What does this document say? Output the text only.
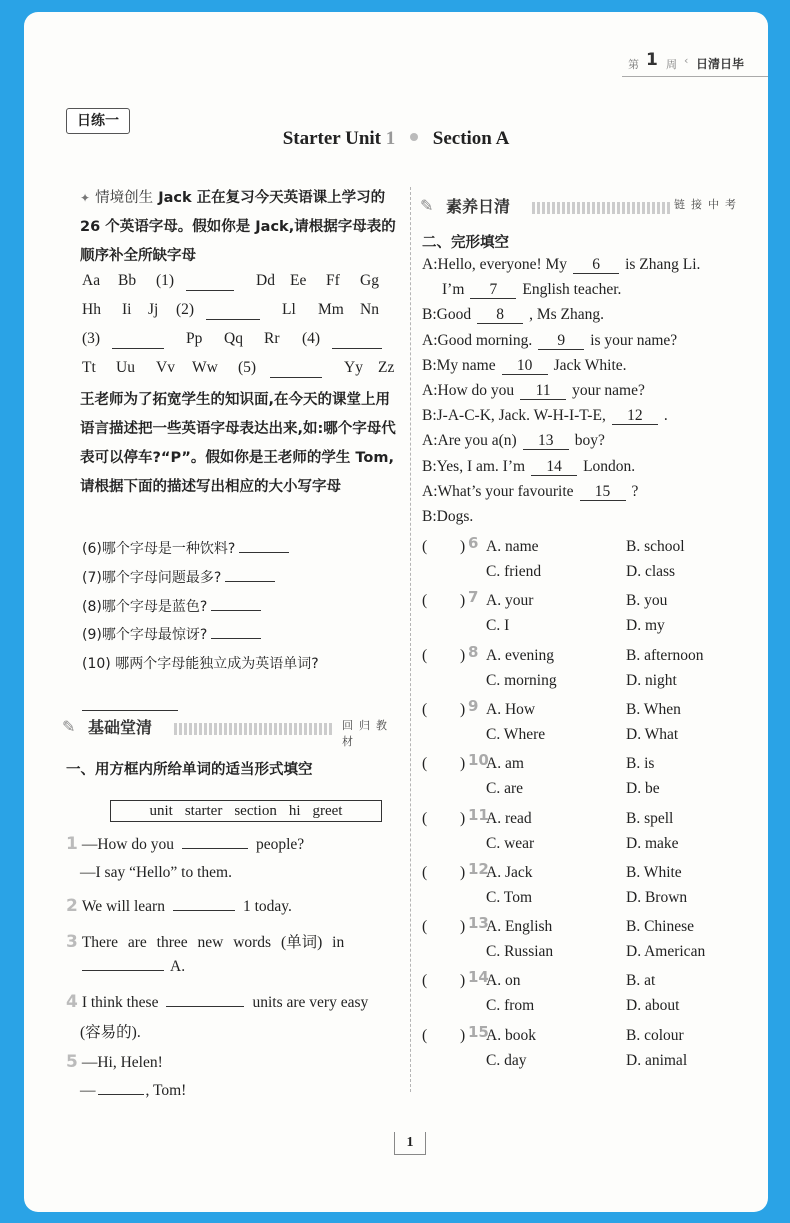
第 1 周 ‹ 日清日毕
日练一
Starter Unit 1 Section A
✦ 情境创生 Jack 正在复习今天英语课上学习的 26 个英语字母。假如你是 Jack,请根据字母表的顺序补全所缺字母
Aa Bb (1)	Dd Ee Ff Gg
Hh Ii Jj (2)	Ll Mm Nn
(3)	Pp Qq Rr (4)
Tt Uu Vv Ww (5)	Yy Zz
王老师为了拓宽学生的知识面,在今天的课堂上用语言描述把一些英语字母表达出来,如:哪个字母代表可以停车?“P”。假如你是王老师的学生 Tom,请根据下面的描述写出相应的大小写字母
(6)哪个字母是一种饮料?
(7)哪个字母问题最多?
(8)哪个字母是蓝色?
(9)哪个字母最惊讶?
(10) 哪两个字母能独立成为英语单词?
✎ 基础堂清	回归教材
一、用方框内所给单词的适当形式填空
unit starter section hi greet
1 —How do you	people?
—I say “Hello” to them.
2 We will learn	1 today.
3 There are three new words (单词) in
A.
4 I think these	units are very easy
(容易的).
5 —Hi, Helen!
—	, Tom!
✎ 素养日清	链接中考
二、完形填空
A:Hello, everyone! My 6 is Zhang Li.
I’m 7 English teacher.
B:Good 8 , Ms Zhang.
A:Good morning. 9 is your name?
B:My name 10 Jack White.
A:How do you 11 your name?
B:J-A-C-K, Jack. W-H-I-T-E, 12 .
A:Are you a(n) 13 boy?
B:Yes, I am. I’m 14 London.
A:What’s your favourite 15 ?
B:Dogs.
( ) 6 A. name	B. school
C. friend	D. class
( ) 7 A. your	B. you
C. I	D. my
( ) 8 A. evening	B. afternoon
C. morning	D. night
( ) 9 A. How	B. When
C. Where	D. What
( ) 10
A. am	B. is
C. are	D. be
( ) 11
A. read	B. spell
C. wear	D. make
( ) 12
A. Jack	B. White
C. Tom	D. Brown
( ) 13
A. English	B. Chinese
C. Russian	D. American
( ) 14
A. on	B. at
C. from	D. about
( ) 15
A. book	B. colour
C. day	D. animal
1
